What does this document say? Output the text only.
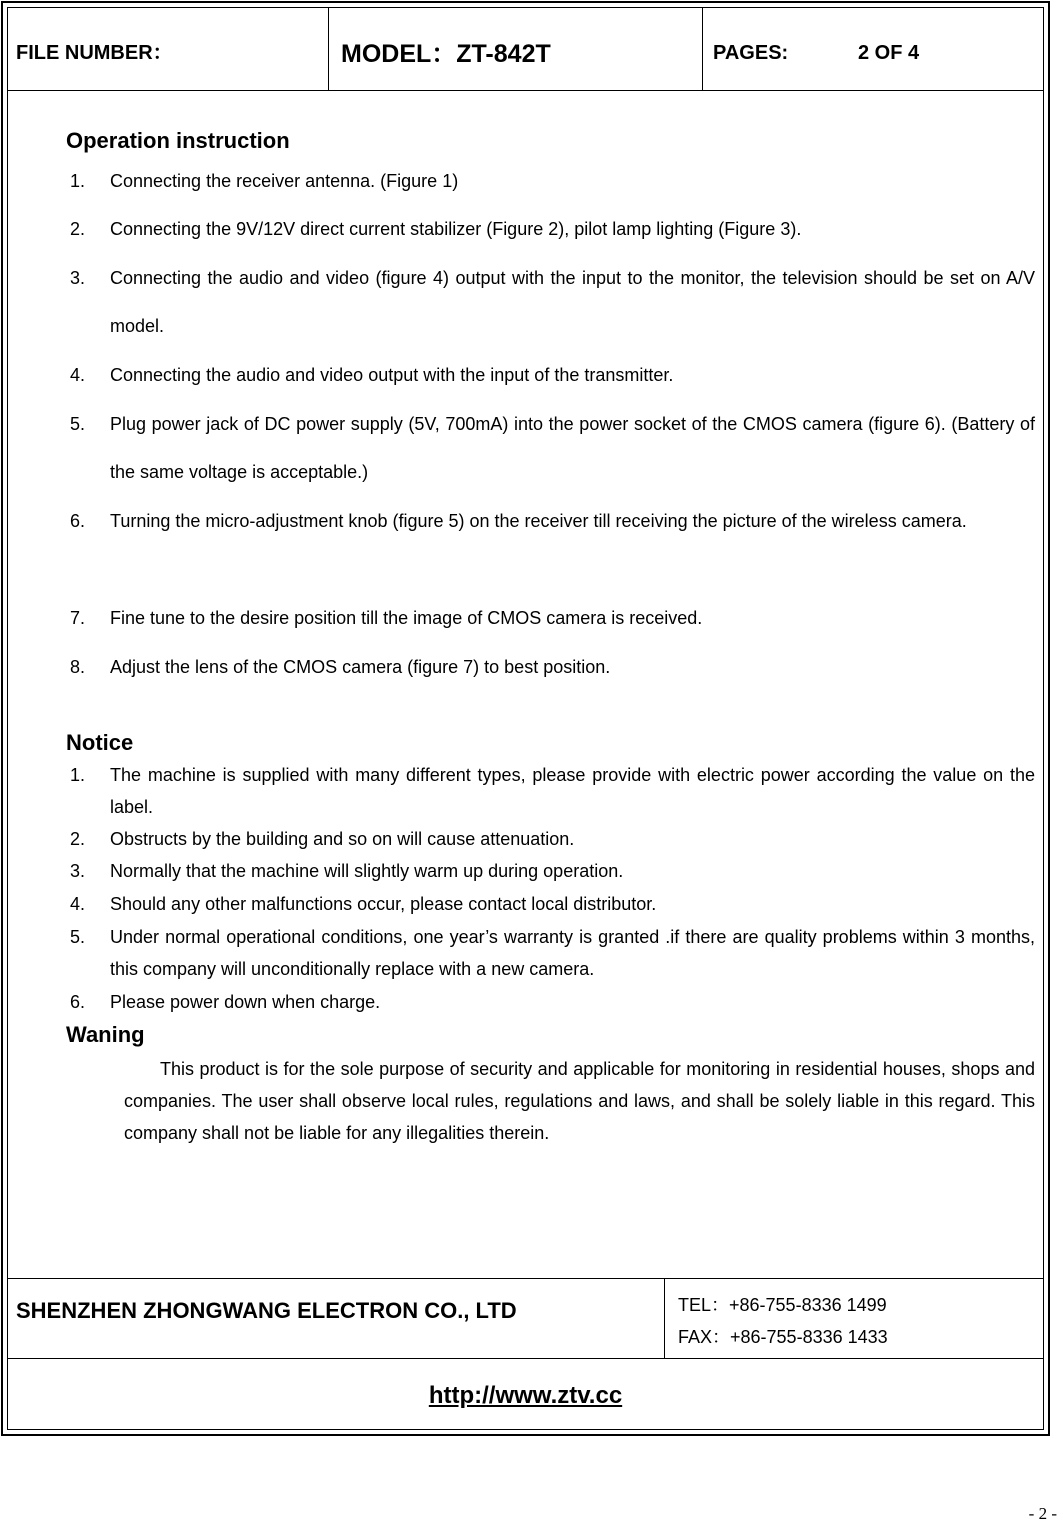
FILE NUMBER：	MODEL：ZT-842T	PAGES:	2 OF 4
Operation instruction
1. Connecting the receiver antenna. (Figure 1)
2. Connecting the 9V/12V direct current stabilizer (Figure 2), pilot lamp lighting (Figure 3).
3. Connecting the audio and video (figure 4) output with the input to the monitor, the television should be set on A/V model.
4. Connecting the audio and video output with the input of the transmitter.
5. Plug power jack of DC power supply (5V, 700mA) into the power socket of the CMOS camera (figure 6). (Battery of the same voltage is acceptable.)
6. Turning the micro-adjustment knob (figure 5) on the receiver till receiving the picture of the wireless camera.
7. Fine tune to the desire position till the image of CMOS camera is received.
8. Adjust the lens of the CMOS camera (figure 7) to best position.
Notice
1. The machine is supplied with many different types, please provide with electric power according the value on the label.
2. Obstructs by the building and so on will cause attenuation.
3. Normally that the machine will slightly warm up during operation.
4. Should any other malfunctions occur, please contact local distributor.
5. Under normal operational conditions, one year’s warranty is granted .if there are quality problems within 3 months, this company will unconditionally replace with a new camera.
6. Please power down when charge.
Waning
This product is for the sole purpose of security and applicable for monitoring in residential houses, shops and companies. The user shall observe local rules, regulations and laws, and shall be solely liable in this regard. This company shall not be liable for any illegalities therein.
SHENZHEN ZHONGWANG ELECTRON CO., LTD	TEL：+86-755-8336 1499
FAX：+86-755-8336 1433
http://www.ztv.cc
- 2 -
